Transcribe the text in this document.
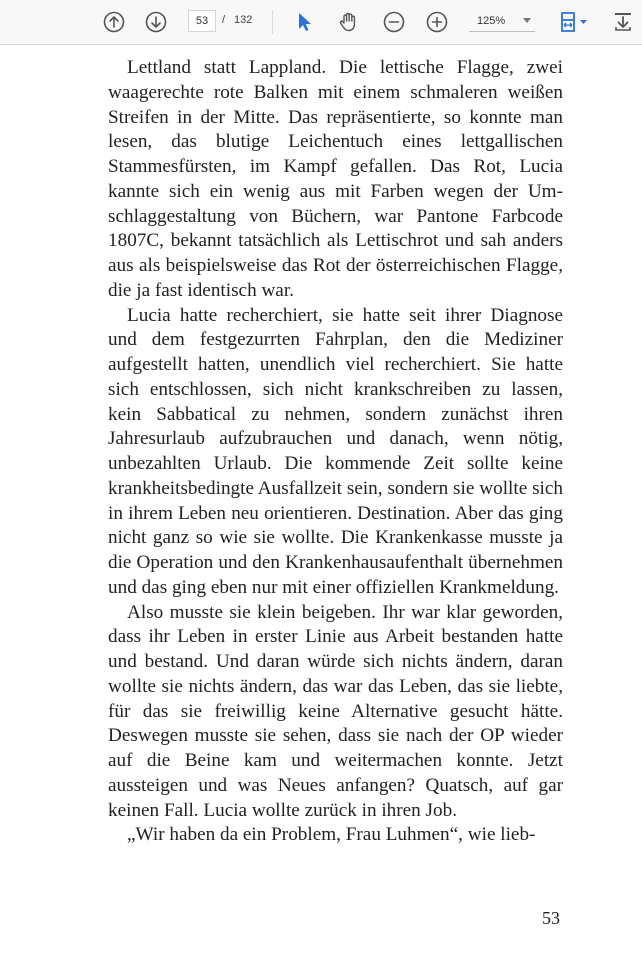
53	/ 132	125%

Lettland statt Lappland. Die lettische Flagge, zwei waagerechte rote Balken mit einem schmaleren weißen Streifen in der Mitte. Das repräsentierte, so konnte man lesen, das blutige Leichentuch eines lettgallischen Stammesfürsten, im Kampf gefallen. Das Rot, Lucia kannte sich ein wenig aus mit Farben wegen der Umschlaggestaltung von Büchern, war Pantone Farbcode 1807C, bekannt tatsächlich als Lettischrot und sah anders aus als beispielsweise das Rot der österreichischen Flagge, die ja fast identisch war.

Lucia hatte recherchiert, sie hatte seit ihrer Diagnose und dem festgezurrten Fahrplan, den die Mediziner aufgestellt hatten, unendlich viel recherchiert. Sie hatte sich entschlossen, sich nicht krankschreiben zu lassen, kein Sabbatical zu nehmen, sondern zunächst ihren Jahresurlaub aufzubrauchen und danach, wenn nötig, unbezahlten Urlaub. Die kommende Zeit sollte keine krankheitsbedingte Ausfallzeit sein, sondern sie wollte sich in ihrem Leben neu orientieren. Destination. Aber das ging nicht ganz so wie sie wollte. Die Krankenkasse musste ja die Operation und den Krankenhausaufenthalt übernehmen und das ging eben nur mit einer offiziellen Krankmeldung.

Also musste sie klein beigeben. Ihr war klar geworden, dass ihr Leben in erster Linie aus Arbeit bestanden hatte und bestand. Und daran würde sich nichts ändern, daran wollte sie nichts ändern, das war das Leben, das sie liebte, für das sie freiwillig keine Alternative gesucht hätte. Deswegen musste sie sehen, dass sie nach der OP wieder auf die Beine kam und weitermachen konnte. Jetzt aussteigen und was Neues anfangen? Quatsch, auf gar keinen Fall. Lucia wollte zurück in ihren Job.

„Wir haben da ein Problem, Frau Luhmen“, wie lieb-

53
